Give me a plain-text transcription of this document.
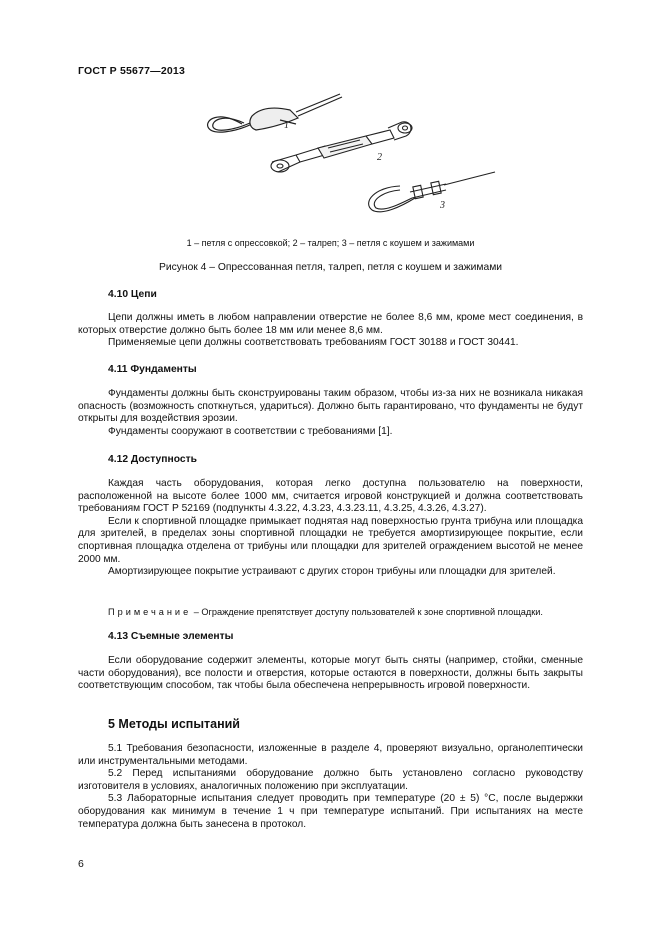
ГОСТ Р 55677—2013
1
2
3
1 – петля с опрессовкой; 2 – талреп; 3 – петля с коушем и зажимами
Рисунок 4 – Опрессованная петля, талреп, петля с коушем и зажимами
4.10 Цепи

Цепи должны иметь в любом направлении отверстие не более 8,6 мм, кроме мест соединения, в которых отверстие должно быть более 18 мм или менее 8,6 мм.

Применяемые цепи должны соответствовать требованиям ГОСТ 30188 и ГОСТ 30441.

4.11 Фундаменты

Фундаменты должны быть сконструированы таким образом, чтобы из-за них не возникала никакая опасность (возможность споткнуться, удариться). Должно быть гарантировано, что фундаменты не будут открыты для воздействия эрозии.

Фундаменты сооружают в соответствии с требованиями [1].

4.12 Доступность

Каждая часть оборудования, которая легко доступна пользователю на поверхности, расположенной на высоте более 1000 мм, считается игровой конструкцией и должна соответствовать требованиям ГОСТ Р 52169 (подпункты 4.3.22, 4.3.23, 4.3.23.11, 4.3.25, 4.3.26, 4.3.27).

Если к спортивной площадке примыкает поднятая над поверхностью грунта трибуна или площадка для зрителей, в пределах зоны спортивной площадки не требуется амортизирующее покрытие, если спортивная площадка отделена от трибуны или площадки для зрителей ограждением высотой не менее 2000 мм.

Амортизирующее покрытие устраивают с других сторон трибуны или площадки для зрителей.

Примечание – Ограждение препятствует доступу пользователей к зоне спортивной площадки.
4.13 Съемные элементы

Если оборудование содержит элементы, которые могут быть сняты (например, стойки, сменные части оборудования), все полости и отверстия, которые остаются в поверхности, должны быть закрыты соответствующим способом, так чтобы была обеспечена непрерывность игровой поверхности.

5 Методы испытаний

5.1 Требования безопасности, изложенные в разделе 4, проверяют визуально, органолептически или инструментальными методами.

5.2 Перед испытаниями оборудование должно быть установлено согласно руководству изготовителя в условиях, аналогичных положению при эксплуатации.

5.3 Лабораторные испытания следует проводить при температуре (20 ± 5) °С, после выдержки оборудования как минимум в течение 1 ч при температуре испытаний. При испытаниях на месте температура должна быть занесена в протокол.

6
